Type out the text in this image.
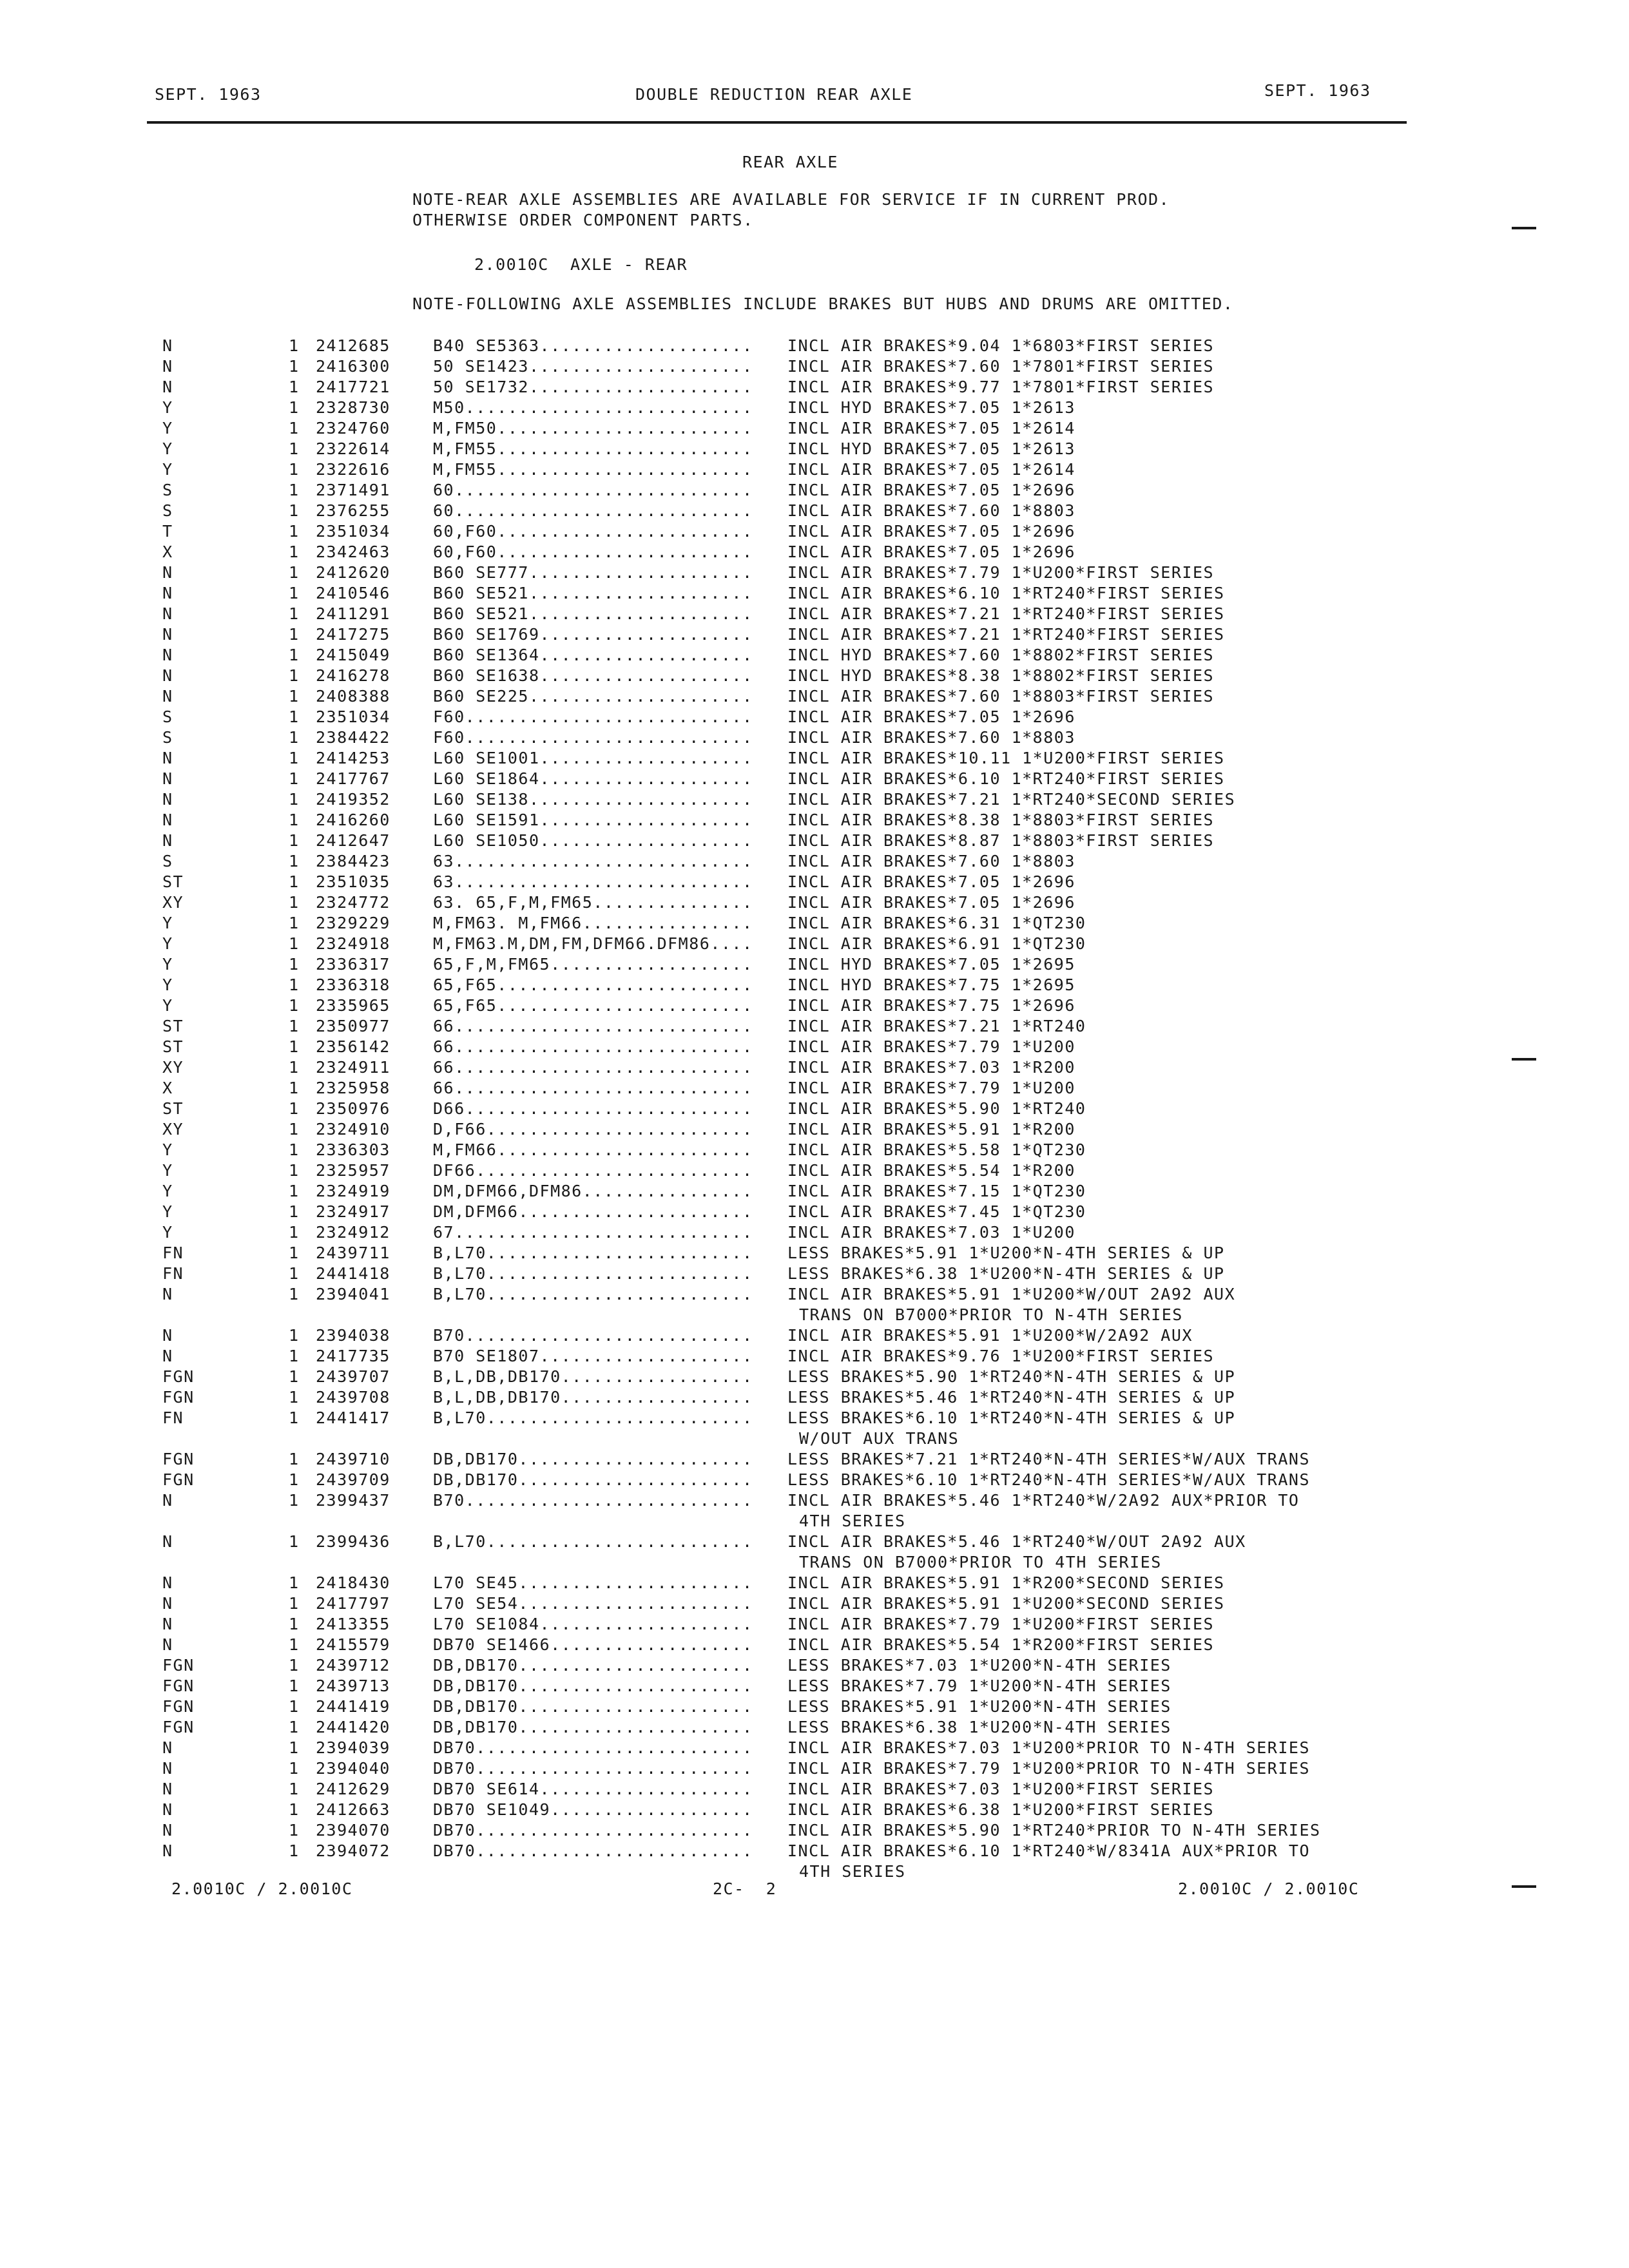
SEPT. 1963	DOUBLE REDUCTION REAR AXLE	SEPT. 1963
REAR AXLE
NOTE-REAR AXLE ASSEMBLIES ARE AVAILABLE FOR SERVICE IF IN CURRENT PROD.
OTHERWISE ORDER COMPONENT PARTS.
2.0010C  AXLE - REAR
NOTE-FOLLOWING AXLE ASSEMBLIES INCLUDE BRAKES BUT HUBS AND DRUMS ARE OMITTED.
N	1 2412685	B40 SE5363.................... INCL AIR BRAKES*9.04 1*6803*FIRST SERIES
N	1 2416300	50 SE1423..................... INCL AIR BRAKES*7.60 1*7801*FIRST SERIES
N	1 2417721	50 SE1732..................... INCL AIR BRAKES*9.77 1*7801*FIRST SERIES
Y	1 2328730	M50........................... INCL HYD BRAKES*7.05 1*2613
Y	1 2324760	M,FM50........................ INCL AIR BRAKES*7.05 1*2614
Y	1 2322614	M,FM55........................ INCL HYD BRAKES*7.05 1*2613
Y	1 2322616	M,FM55........................ INCL AIR BRAKES*7.05 1*2614
S	1 2371491	60............................ INCL AIR BRAKES*7.05 1*2696
S	1 2376255	60............................ INCL AIR BRAKES*7.60 1*8803
T	1 2351034	60,F60........................ INCL AIR BRAKES*7.05 1*2696
X	1 2342463	60,F60........................ INCL AIR BRAKES*7.05 1*2696
N	1 2412620	B60 SE777..................... INCL AIR BRAKES*7.79 1*U200*FIRST SERIES
N	1 2410546	B60 SE521..................... INCL AIR BRAKES*6.10 1*RT240*FIRST SERIES
N	1 2411291	B60 SE521..................... INCL AIR BRAKES*7.21 1*RT240*FIRST SERIES
N	1 2417275	B60 SE1769.................... INCL AIR BRAKES*7.21 1*RT240*FIRST SERIES
N	1 2415049	B60 SE1364.................... INCL HYD BRAKES*7.60 1*8802*FIRST SERIES
N	1 2416278	B60 SE1638.................... INCL HYD BRAKES*8.38 1*8802*FIRST SERIES
N	1 2408388	B60 SE225..................... INCL AIR BRAKES*7.60 1*8803*FIRST SERIES
S	1 2351034	F60........................... INCL AIR BRAKES*7.05 1*2696
S	1 2384422	F60........................... INCL AIR BRAKES*7.60 1*8803
N	1 2414253	L60 SE1001.................... INCL AIR BRAKES*10.11 1*U200*FIRST SERIES
N	1 2417767	L60 SE1864.................... INCL AIR BRAKES*6.10 1*RT240*FIRST SERIES
N	1 2419352	L60 SE138..................... INCL AIR BRAKES*7.21 1*RT240*SECOND SERIES
N	1 2416260	L60 SE1591.................... INCL AIR BRAKES*8.38 1*8803*FIRST SERIES
N	1 2412647	L60 SE1050.................... INCL AIR BRAKES*8.87 1*8803*FIRST SERIES
S	1 2384423	63............................ INCL AIR BRAKES*7.60 1*8803
ST	1 2351035	63............................ INCL AIR BRAKES*7.05 1*2696
XY	1 2324772	63. 65,F,M,FM65............... INCL AIR BRAKES*7.05 1*2696
Y	1 2329229	M,FM63. M,FM66................ INCL AIR BRAKES*6.31 1*QT230
Y	1 2324918	M,FM63.M,DM,FM,DFM66.DFM86.... INCL AIR BRAKES*6.91 1*QT230
Y	1 2336317	65,F,M,FM65................... INCL HYD BRAKES*7.05 1*2695
Y	1 2336318	65,F65........................ INCL HYD BRAKES*7.75 1*2695
Y	1 2335965	65,F65........................ INCL AIR BRAKES*7.75 1*2696
ST	1 2350977	66............................ INCL AIR BRAKES*7.21 1*RT240
ST	1 2356142	66............................ INCL AIR BRAKES*7.79 1*U200
XY	1 2324911	66............................ INCL AIR BRAKES*7.03 1*R200
X	1 2325958	66............................ INCL AIR BRAKES*7.79 1*U200
ST	1 2350976	D66........................... INCL AIR BRAKES*5.90 1*RT240
XY	1 2324910	D,F66......................... INCL AIR BRAKES*5.91 1*R200
Y	1 2336303	M,FM66........................ INCL AIR BRAKES*5.58 1*QT230
Y	1 2325957	DF66.......................... INCL AIR BRAKES*5.54 1*R200
Y	1 2324919	DM,DFM66,DFM86................ INCL AIR BRAKES*7.15 1*QT230
Y	1 2324917	DM,DFM66...................... INCL AIR BRAKES*7.45 1*QT230
Y	1 2324912	67............................ INCL AIR BRAKES*7.03 1*U200
FN	1 2439711	B,L70......................... LESS BRAKES*5.91 1*U200*N-4TH SERIES & UP
FN	1 2441418	B,L70......................... LESS BRAKES*6.38 1*U200*N-4TH SERIES & UP
N	1 2394041	B,L70......................... INCL AIR BRAKES*5.91 1*U200*W/OUT 2A92 AUX
TRANS ON B7000*PRIOR TO N-4TH SERIES
N	1 2394038	B70........................... INCL AIR BRAKES*5.91 1*U200*W/2A92 AUX
N	1 2417735	B70 SE1807.................... INCL AIR BRAKES*9.76 1*U200*FIRST SERIES
FGN	1 2439707	B,L,DB,DB170.................. LESS BRAKES*5.90 1*RT240*N-4TH SERIES & UP
FGN	1 2439708	B,L,DB,DB170.................. LESS BRAKES*5.46 1*RT240*N-4TH SERIES & UP
FN	1 2441417	B,L70......................... LESS BRAKES*6.10 1*RT240*N-4TH SERIES & UP
W/OUT AUX TRANS
FGN	1 2439710	DB,DB170...................... LESS BRAKES*7.21 1*RT240*N-4TH SERIES*W/AUX TRANS
FGN	1 2439709	DB,DB170...................... LESS BRAKES*6.10 1*RT240*N-4TH SERIES*W/AUX TRANS
N	1 2399437	B70........................... INCL AIR BRAKES*5.46 1*RT240*W/2A92 AUX*PRIOR TO
4TH SERIES
N	1 2399436	B,L70......................... INCL AIR BRAKES*5.46 1*RT240*W/OUT 2A92 AUX
TRANS ON B7000*PRIOR TO 4TH SERIES
N	1 2418430	L70 SE45...................... INCL AIR BRAKES*5.91 1*R200*SECOND SERIES
N	1 2417797	L70 SE54...................... INCL AIR BRAKES*5.91 1*U200*SECOND SERIES
N	1 2413355	L70 SE1084.................... INCL AIR BRAKES*7.79 1*U200*FIRST SERIES
N	1 2415579	DB70 SE1466................... INCL AIR BRAKES*5.54 1*R200*FIRST SERIES
FGN	1 2439712	DB,DB170...................... LESS BRAKES*7.03 1*U200*N-4TH SERIES
FGN	1 2439713	DB,DB170...................... LESS BRAKES*7.79 1*U200*N-4TH SERIES
FGN	1 2441419	DB,DB170...................... LESS BRAKES*5.91 1*U200*N-4TH SERIES
FGN	1 2441420	DB,DB170...................... LESS BRAKES*6.38 1*U200*N-4TH SERIES
N	1 2394039	DB70.......................... INCL AIR BRAKES*7.03 1*U200*PRIOR TO N-4TH SERIES
N	1 2394040	DB70.......................... INCL AIR BRAKES*7.79 1*U200*PRIOR TO N-4TH SERIES
N	1 2412629	DB70 SE614.................... INCL AIR BRAKES*7.03 1*U200*FIRST SERIES
N	1 2412663	DB70 SE1049................... INCL AIR BRAKES*6.38 1*U200*FIRST SERIES
N	1 2394070	DB70.......................... INCL AIR BRAKES*5.90 1*RT240*PRIOR TO N-4TH SERIES
N	1 2394072	DB70.......................... INCL AIR BRAKES*6.10 1*RT240*W/8341A AUX*PRIOR TO
4TH SERIES
2.0010C / 2.0010C	2C-  2	2.0010C / 2.0010C
